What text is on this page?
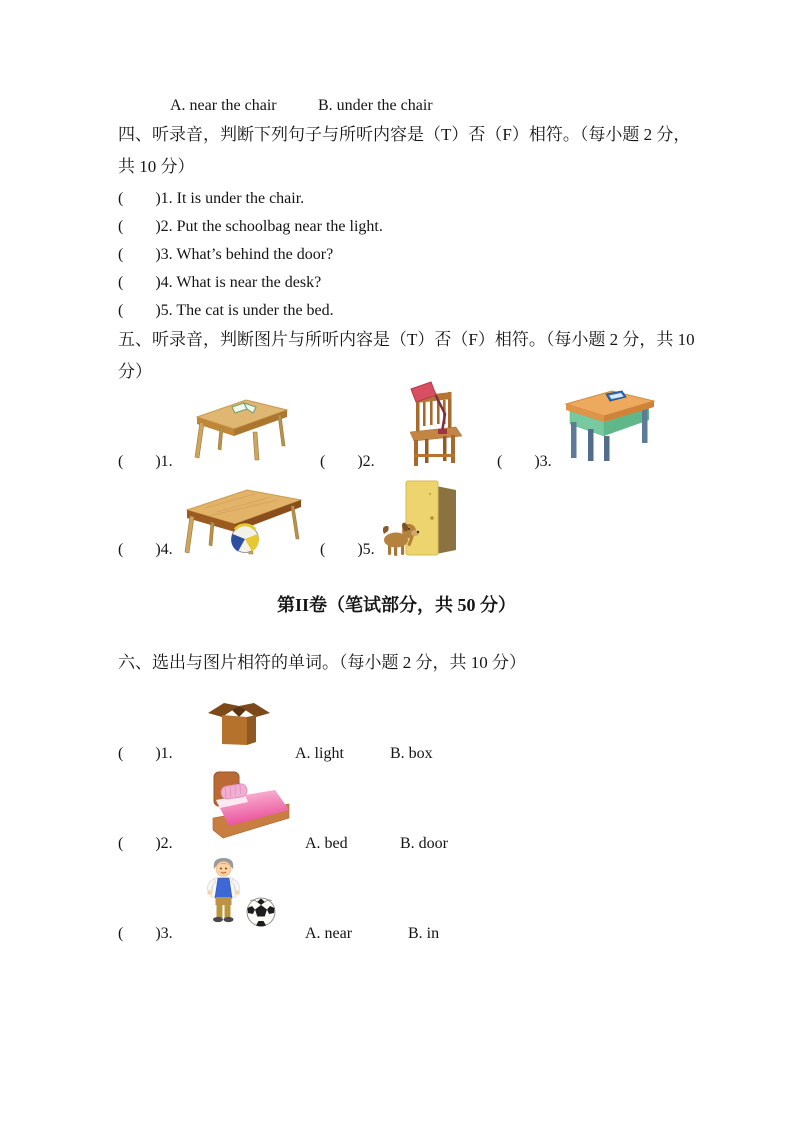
A. near the chair	B. under the chair
四、听录音，判断下列句子与所听内容是（T）否（F）相符。（每小题 2 分，
共 10 分）
( )1. It is under the chair.
( )2. Put the schoolbag near the light.
( )3. What’s behind the door?
( )4. What is near the desk?
( )5. The cat is under the bed.
五、听录音，判断图片与所听内容是（T）否（F）相符。（每小题 2 分，共 10
分）
( )1.	( )2.	( )3.
( )4.	( )5.
第II卷（笔试部分，共 50 分）
六、选出与图片相符的单词。（每小题 2 分，共 10 分）
( )1.	A. light	B. box
( )2.	A. bed	B. door
( )3.	A. near	B. in
